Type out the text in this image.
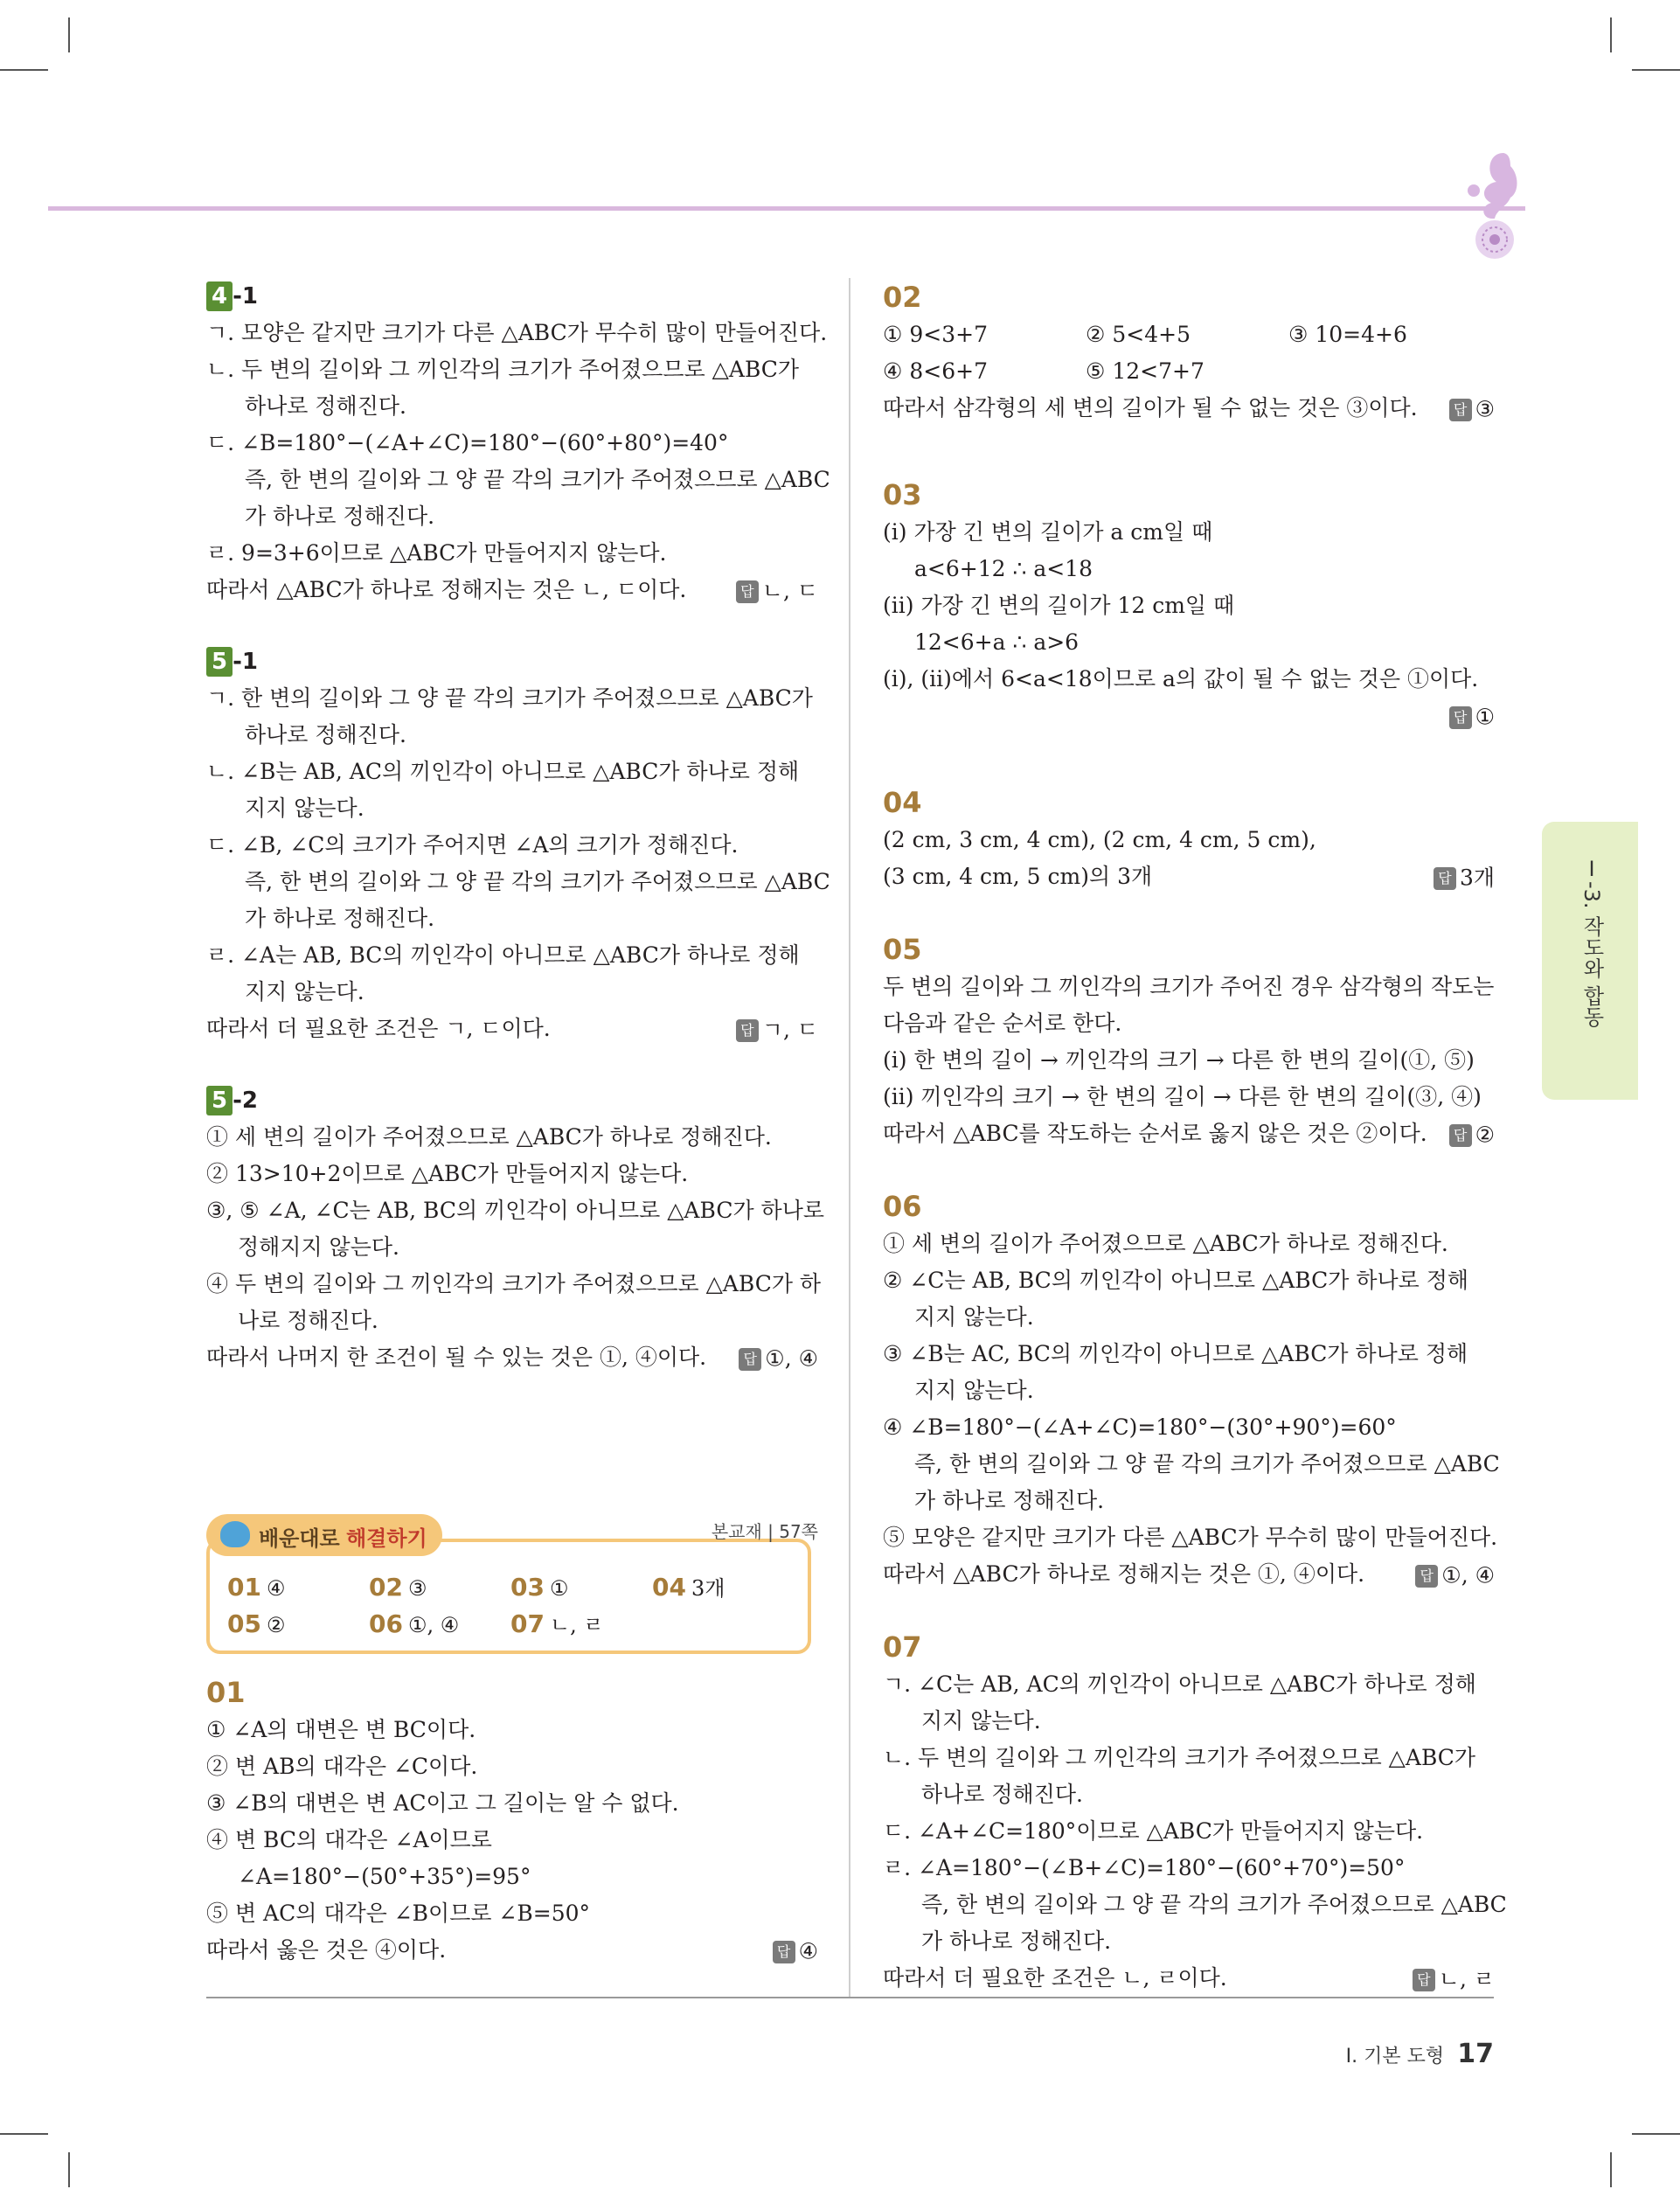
4 -1
ㄱ. 모양은 같지만 크기가 다른 △ABC가 무수히 많이 만들어진다.
ㄴ. 두 변의 길이와 그 끼인각의 크기가 주어졌으므로 △ABC가
하나로 정해진다.
ㄷ. ∠B=180°−(∠A+∠C)=180°−(60°+80°)=40°
즉, 한 변의 길이와 그 양 끝 각의 크기가 주어졌으므로 △ABC
가 하나로 정해진다.
ㄹ. 9=3+6이므로 △ABC가 만들어지지 않는다.
따라서 △ABC가 하나로 정해지는 것은 ㄴ, ㄷ이다.	답 ㄴ, ㄷ
5 -1
ㄱ. 한 변의 길이와 그 양 끝 각의 크기가 주어졌으므로 △ABC가
하나로 정해진다.
ㄴ. ∠B는 AB, AC의 끼인각이 아니므로 △ABC가 하나로 정해
지지 않는다.
ㄷ. ∠B, ∠C의 크기가 주어지면 ∠A의 크기가 정해진다.
즉, 한 변의 길이와 그 양 끝 각의 크기가 주어졌으므로 △ABC
가 하나로 정해진다.
ㄹ. ∠A는 AB, BC의 끼인각이 아니므로 △ABC가 하나로 정해
지지 않는다.
따라서 더 필요한 조건은 ㄱ, ㄷ이다.	답 ㄱ, ㄷ
5 -2
① 세 변의 길이가 주어졌으므로 △ABC가 하나로 정해진다.
② 13>10+2이므로 △ABC가 만들어지지 않는다.
③, ⑤ ∠A, ∠C는 AB, BC의 끼인각이 아니므로 △ABC가 하나로
정해지지 않는다.
④ 두 변의 길이와 그 끼인각의 크기가 주어졌으므로 △ABC가 하
나로 정해진다.
따라서 나머지 한 조건이 될 수 있는 것은 ①, ④이다.	답 ①, ④
배운대로 해결하기	본교재 | 57쪽
01 ④	02 ③	03 ①	04 3개
05 ②	06 ①, ④ 07 ㄴ, ㄹ
01
① ∠A의 대변은 변 BC이다.
② 변 AB의 대각은 ∠C이다.
③ ∠B의 대변은 변 AC이고 그 길이는 알 수 없다.
④ 변 BC의 대각은 ∠A이므로
∠A=180°−(50°+35°)=95°
⑤ 변 AC의 대각은 ∠B이므로 ∠B=50°
따라서 옳은 것은 ④이다.	답 ④
02
① 9<3+7	② 5<4+5	③ 10=4+6
④ 8<6+7	⑤ 12<7+7
따라서 삼각형의 세 변의 길이가 될 수 없는 것은 ③이다.	답 ③
03
(ⅰ) 가장 긴 변의 길이가 a cm일 때
a<6+12 ∴ a<18
(ⅱ) 가장 긴 변의 길이가 12 cm일 때
12<6+a ∴ a>6
(ⅰ), (ⅱ)에서 6<a<18이므로 a의 값이 될 수 없는 것은 ①이다.
답 ①
04
(2 cm, 3 cm, 4 cm), (2 cm, 4 cm, 5 cm),
(3 cm, 4 cm, 5 cm)의 3개	답 3개
05
두 변의 길이와 그 끼인각의 크기가 주어진 경우 삼각형의 작도는
다음과 같은 순서로 한다.
(ⅰ) 한 변의 길이 → 끼인각의 크기 → 다른 한 변의 길이(①, ⑤)
(ⅱ) 끼인각의 크기 → 한 변의 길이 → 다른 한 변의 길이(③, ④)
따라서 △ABC를 작도하는 순서로 옳지 않은 것은 ②이다.	답 ②
06
① 세 변의 길이가 주어졌으므로 △ABC가 하나로 정해진다.
② ∠C는 AB, BC의 끼인각이 아니므로 △ABC가 하나로 정해
지지 않는다.
③ ∠B는 AC, BC의 끼인각이 아니므로 △ABC가 하나로 정해
지지 않는다.
④ ∠B=180°−(∠A+∠C)=180°−(30°+90°)=60°
즉, 한 변의 길이와 그 양 끝 각의 크기가 주어졌으므로 △ABC
가 하나로 정해진다.
⑤ 모양은 같지만 크기가 다른 △ABC가 무수히 많이 만들어진다.
따라서 △ABC가 하나로 정해지는 것은 ①, ④이다.	답 ①, ④
07
ㄱ. ∠C는 AB, AC의 끼인각이 아니므로 △ABC가 하나로 정해
지지 않는다.
ㄴ. 두 변의 길이와 그 끼인각의 크기가 주어졌으므로 △ABC가
하나로 정해진다.
ㄷ. ∠A+∠C=180°이므로 △ABC가 만들어지지 않는다.
ㄹ. ∠A=180°−(∠B+∠C)=180°−(60°+70°)=50°
즉, 한 변의 길이와 그 양 끝 각의 크기가 주어졌으므로 △ABC
가 하나로 정해진다.
따라서 더 필요한 조건은 ㄴ, ㄹ이다.	답 ㄴ, ㄹ
Ⅰ-3. 작도와 합동
Ⅰ. 기본 도형 17
